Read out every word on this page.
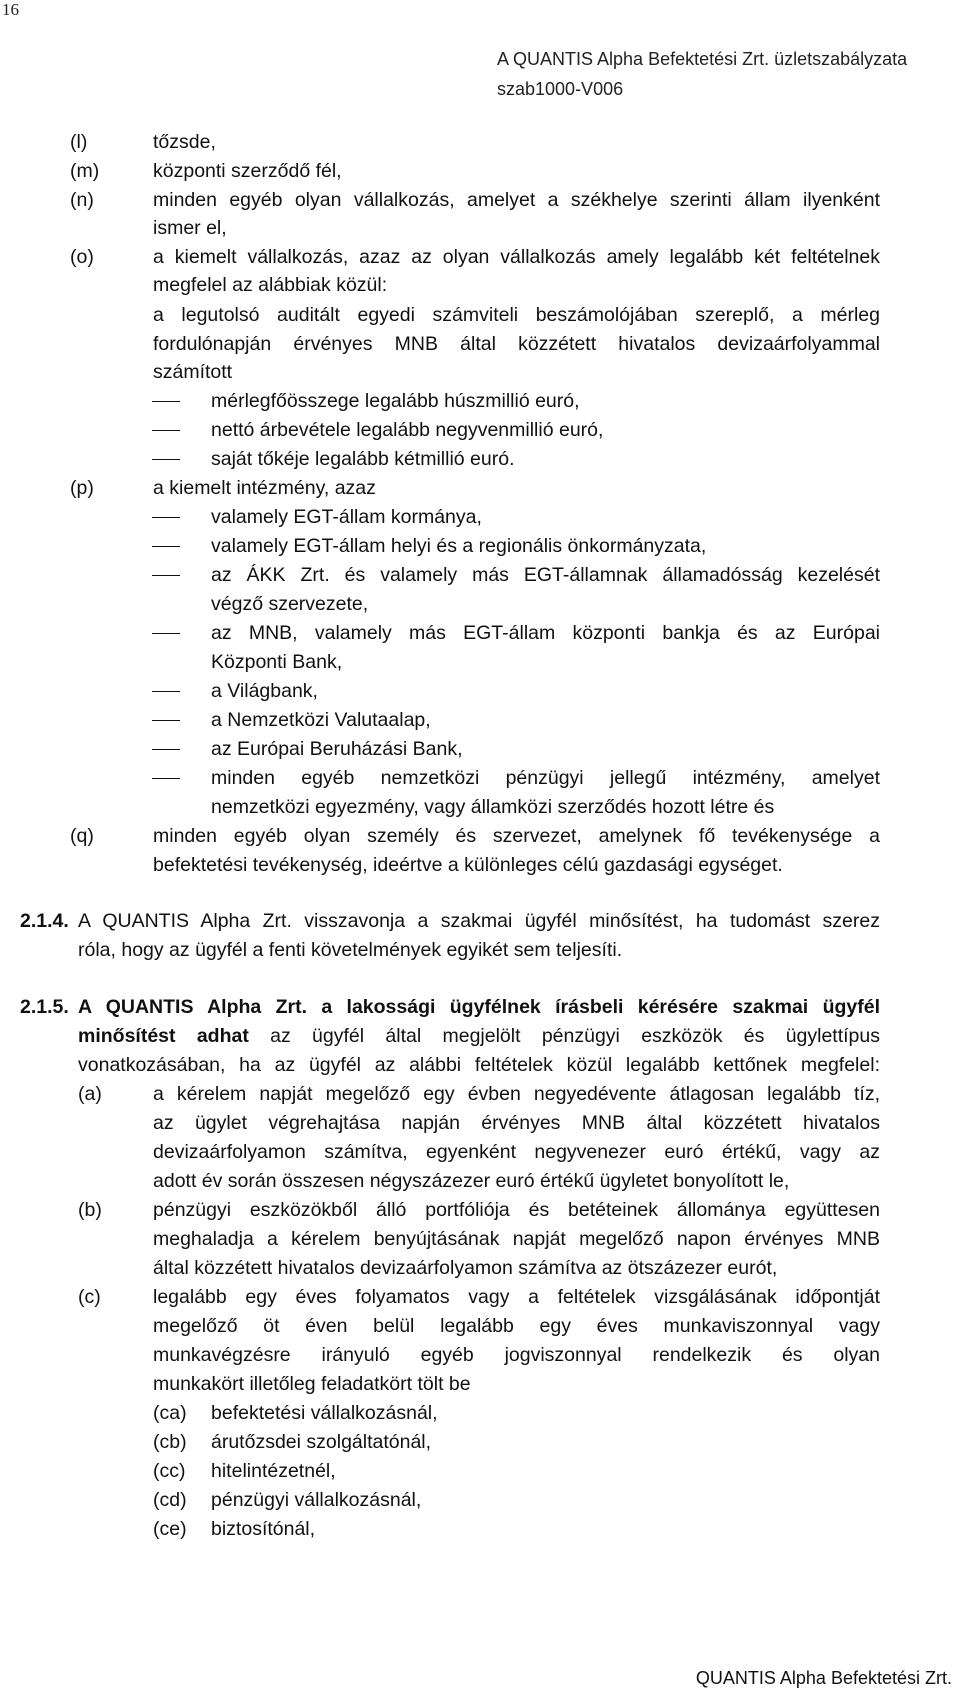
16
A QUANTIS Alpha Befektetési Zrt. üzletszabályzata
szab1000-V006
(l)	tőzsde,
(m)	központi szerződő fél,
(n)	minden egyéb olyan vállalkozás, amelyet a székhelye szerinti állam ilyenként
ismer el,
(o)	a kiemelt vállalkozás, azaz az olyan vállalkozás amely legalább két feltételnek
megfelel az alábbiak közül:
a legutolsó auditált egyedi számviteli beszámolójában szereplő, a mérleg
fordulónapján érvényes MNB által közzétett hivatalos devizaárfolyammal
számított
mérlegfőösszege legalább húszmillió euró,
nettó árbevétele legalább negyvenmillió euró,
saját tőkéje legalább kétmillió euró.
(p)	a kiemelt intézmény, azaz
valamely EGT-állam kormánya,
valamely EGT-állam helyi és a regionális önkormányzata,
az ÁKK Zrt. és valamely más EGT-államnak államadósság kezelését
végző szervezete,
az MNB, valamely más EGT-állam központi bankja és az Európai
Központi Bank,
a Világbank,
a Nemzetközi Valutaalap,
az Európai Beruházási Bank,
minden egyéb nemzetközi pénzügyi jellegű intézmény, amelyet
nemzetközi egyezmény, vagy államközi szerződés hozott létre és
(q)	minden egyéb olyan személy és szervezet, amelynek fő tevékenysége a
befektetési tevékenység, ideértve a különleges célú gazdasági egységet.
2.1.4. A QUANTIS Alpha Zrt. visszavonja a szakmai ügyfél minősítést, ha tudomást szerez
róla, hogy az ügyfél a fenti követelmények egyikét sem teljesíti.
2.1.5. A QUANTIS Alpha Zrt. a lakossági ügyfélnek írásbeli kérésére szakmai ügyfél
minősítést adhat az ügyfél által megjelölt pénzügyi eszközök és ügylettípus
vonatkozásában, ha az ügyfél az alábbi feltételek közül legalább kettőnek megfelel:
(a)	a kérelem napját megelőző egy évben negyedévente átlagosan legalább tíz,
az ügylet végrehajtása napján érvényes MNB által közzétett hivatalos
devizaárfolyamon számítva, egyenként negyvenezer euró értékű, vagy az
adott év során összesen négyszázezer euró értékű ügyletet bonyolított le,
(b)	pénzügyi eszközökből álló portfóliója és betéteinek állománya együttesen
meghaladja a kérelem benyújtásának napját megelőző napon érvényes MNB
által közzétett hivatalos devizaárfolyamon számítva az ötszázezer eurót,
(c)	legalább egy éves folyamatos vagy a feltételek vizsgálásának időpontját
megelőző öt éven belül legalább egy éves munkaviszonnyal vagy
munkavégzésre irányuló egyéb jogviszonnyal rendelkezik és olyan
munkakört illetőleg feladatkört tölt be
(ca) befektetési vállalkozásnál,
(cb) árutőzsdei szolgáltatónál,
(cc) hitelintézetnél,
(cd) pénzügyi vállalkozásnál,
(ce) biztosítónál,
QUANTIS Alpha Befektetési Zrt.
